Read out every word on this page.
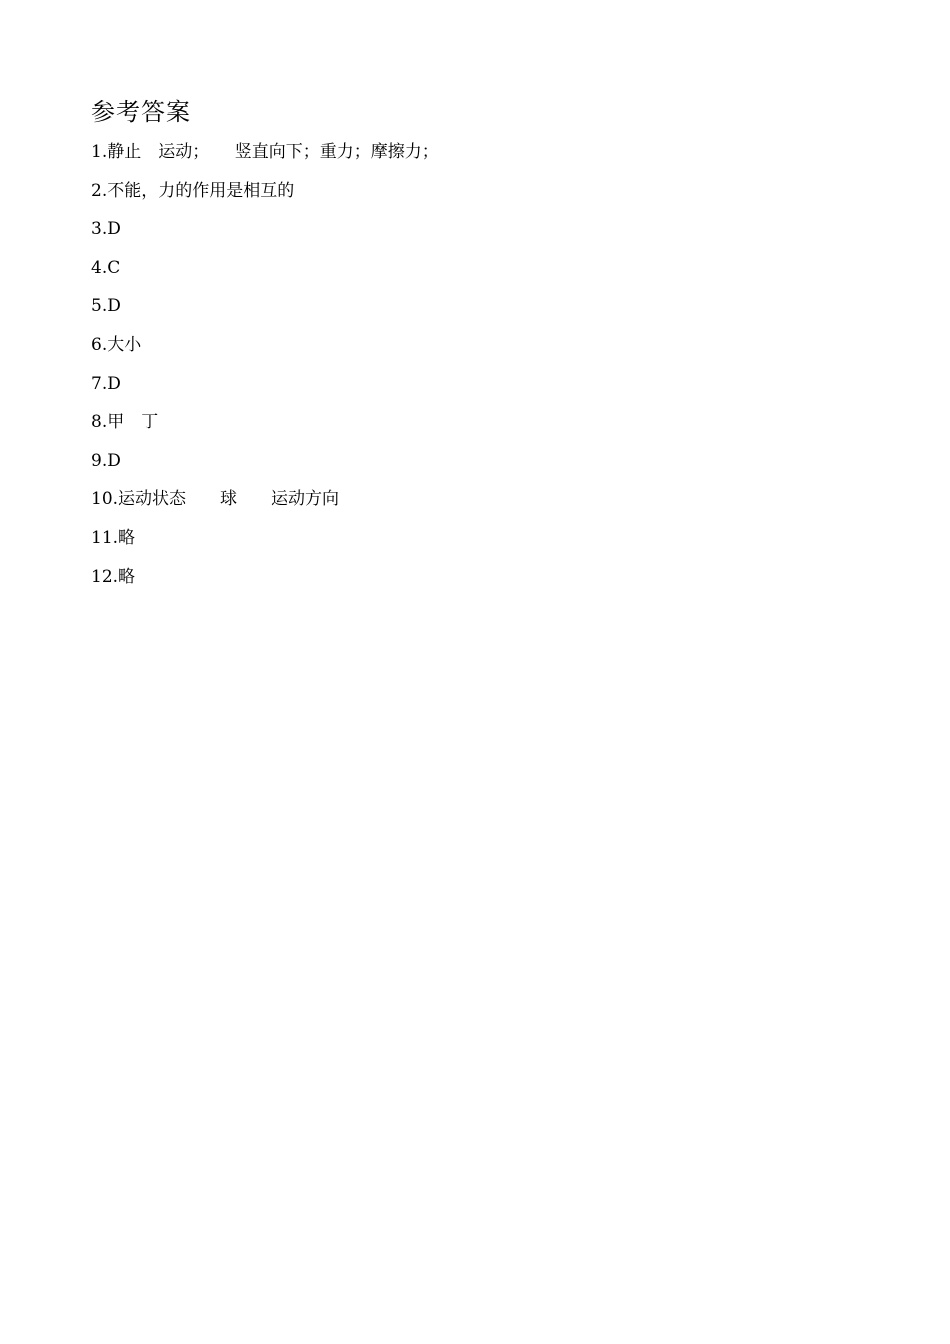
参考答案
1.静止　运动；　　竖直向下；重力；摩擦力；
2.不能，力的作用是相互的
3.D
4.C
5.D
6.大小
7.D
8.甲　丁
9.D
10.运动状态　　球　　运动方向
11.略
12.略
